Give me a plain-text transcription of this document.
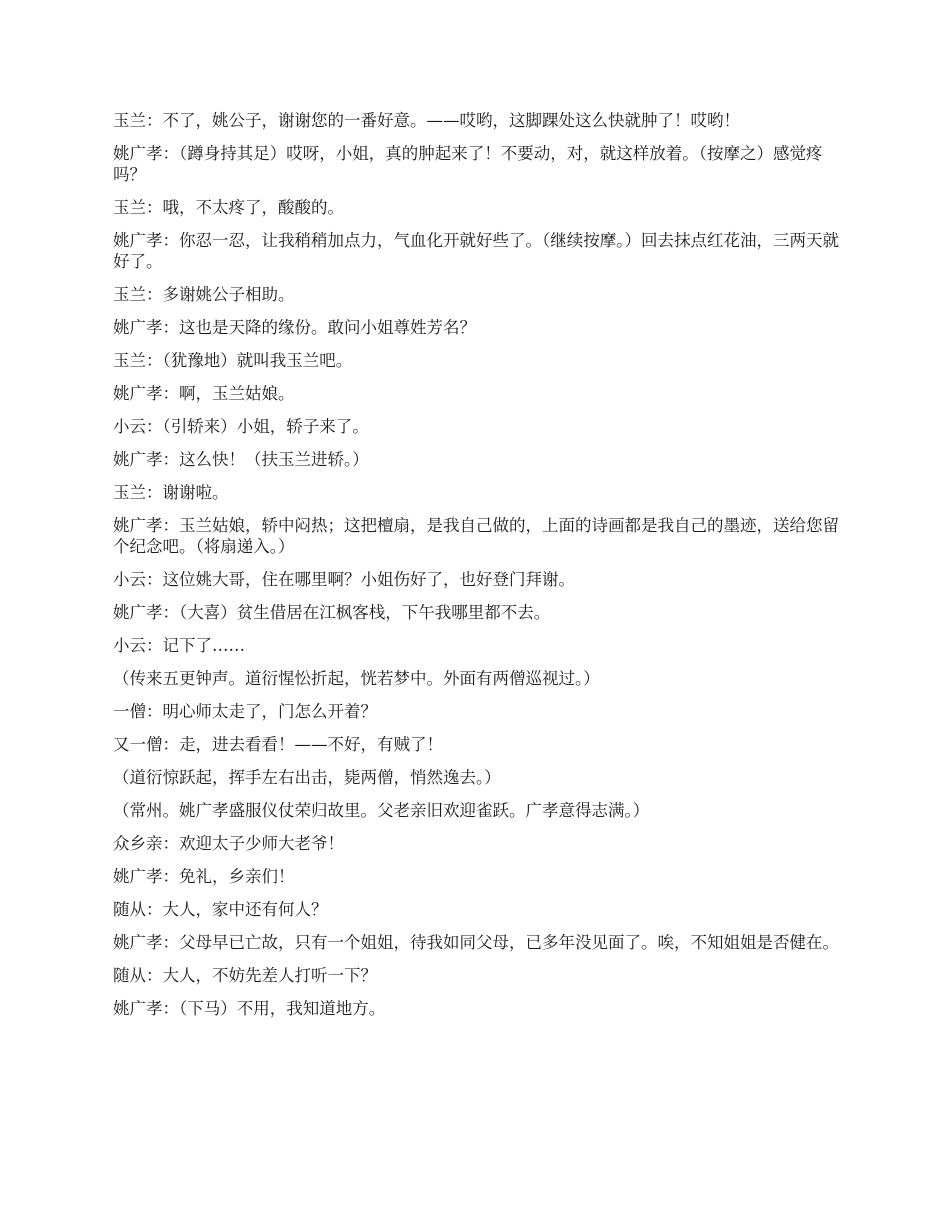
玉兰：不了，姚公子，谢谢您的一番好意。——哎哟，这脚踝处这么快就肿了！哎哟！

姚广孝：（蹲身持其足）哎呀，小姐，真的肿起来了！不要动，对，就这样放着。（按摩之）感觉疼吗？

玉兰：哦，不太疼了，酸酸的。

姚广孝：你忍一忍，让我稍稍加点力，气血化开就好些了。（继续按摩。）回去抹点红花油，三两天就好了。

玉兰：多谢姚公子相助。

姚广孝：这也是天降的缘份。敢问小姐尊姓芳名？

玉兰：（犹豫地）就叫我玉兰吧。

姚广孝：啊，玉兰姑娘。

小云：（引轿来）小姐，轿子来了。

姚广孝：这么快！（扶玉兰进轿。）

玉兰：谢谢啦。

姚广孝：玉兰姑娘，轿中闷热；这把檀扇，是我自己做的，上面的诗画都是我自己的墨迹，送给您留个纪念吧。（将扇递入。）

小云：这位姚大哥，住在哪里啊？小姐伤好了，也好登门拜谢。

姚广孝：（大喜）贫生借居在江枫客栈，下午我哪里都不去。

小云：记下了……

（传来五更钟声。道衍惺忪折起，恍若梦中。外面有两僧巡视过。）

一僧：明心师太走了，门怎么开着？

又一僧：走，进去看看！——不好，有贼了！

（道衍惊跃起，挥手左右出击，毙两僧，悄然逸去。）

（常州。姚广孝盛服仪仗荣归故里。父老亲旧欢迎雀跃。广孝意得志满。）

众乡亲：欢迎太子少师大老爷！

姚广孝：免礼，乡亲们！

随从：大人，家中还有何人？

姚广孝：父母早已亡故，只有一个姐姐，待我如同父母，已多年没见面了。唉，不知姐姐是否健在。

随从：大人，不妨先差人打听一下？

姚广孝：（下马）不用，我知道地方。
